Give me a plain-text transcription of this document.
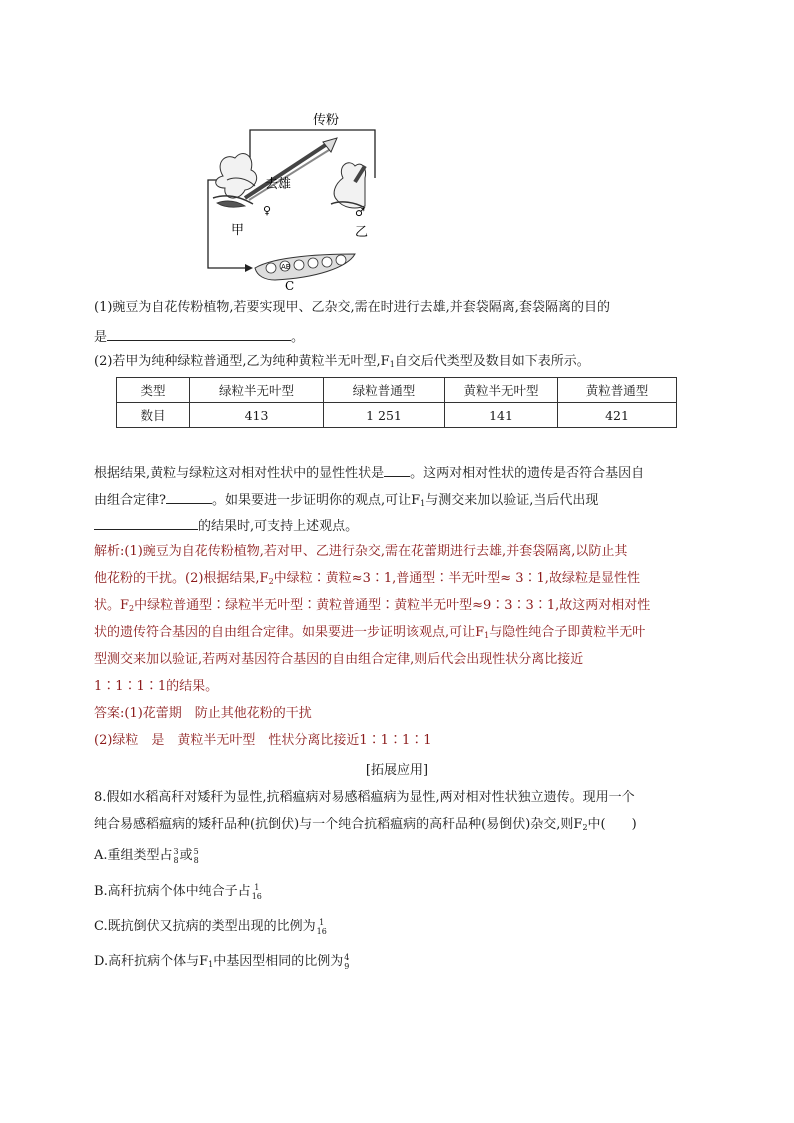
传粉
去雄
甲	乙
C
AB
♀	♂
(1)豌豆为自花传粉植物,若要实现甲、乙杂交,需在时进行去雄,并套袋隔离,套袋隔离的目的
是	。
(2)若甲为纯种绿粒普通型,乙为纯种黄粒半无叶型$,F_1$自交后代类型及数目如下表所示。
类型	绿粒半无叶型	绿粒普通型	黄粒半无叶型	黄粒普通型
数目	413	1 251	141	421
根据结果,黄粒与绿粒这对相对性状中的显性性状是 。这两对相对性状的遗传是否符合基因自
由组合定律?	。如果要进一步证明你的观点,可让$F_1$与测交来加以验证,当后代出现
的结果时,可支持上述观点。
解析:(1)豌豆为自花传粉植物,若对甲、乙进行杂交,需在花蕾期进行去雄,并套袋隔离,以防止其
他花粉的干扰。(2)根据结果$,F_2$中绿粒∶黄粒≈3∶1,普通型∶半无叶型≈ 3∶1,故绿粒是显性性
状。$F_2$中绿粒普通型∶绿粒半无叶型∶黄粒普通型∶黄粒半无叶型≈9∶3∶3∶1,故这两对相对性
状的遗传符合基因的自由组合定律。如果要进一步证明该观点,可让$F_1$与隐性纯合子即黄粒半无叶
型测交来加以验证,若两对基因符合基因的自由组合定律,则后代会出现性状分离比接近
1∶1∶1∶1的结果。
答案:(1)花蕾期　防止其他花粉的干扰
(2)绿粒　是　黄粒半无叶型　性状分离比接近1∶1∶1∶1
[拓展应用]
8.假如水稻高秆对矮秆为显性,抗稻瘟病对易感稻瘟病为显性,两对相对性状独立遗传。现用一个
纯合易感稻瘟病的矮秆品种(抗倒伏)与一个纯合抗稻瘟病的高秆品种(易倒伏)杂交,则$F_2$中(　　)
A.重组类型占 3
8 或 5
8
B.高秆抗病个体中纯合子占 1
16
C.既抗倒伏又抗病的类型出现的比例为 1
16
D.高秆抗病个体与$F_1$中基因型相同的比例为 4
9
